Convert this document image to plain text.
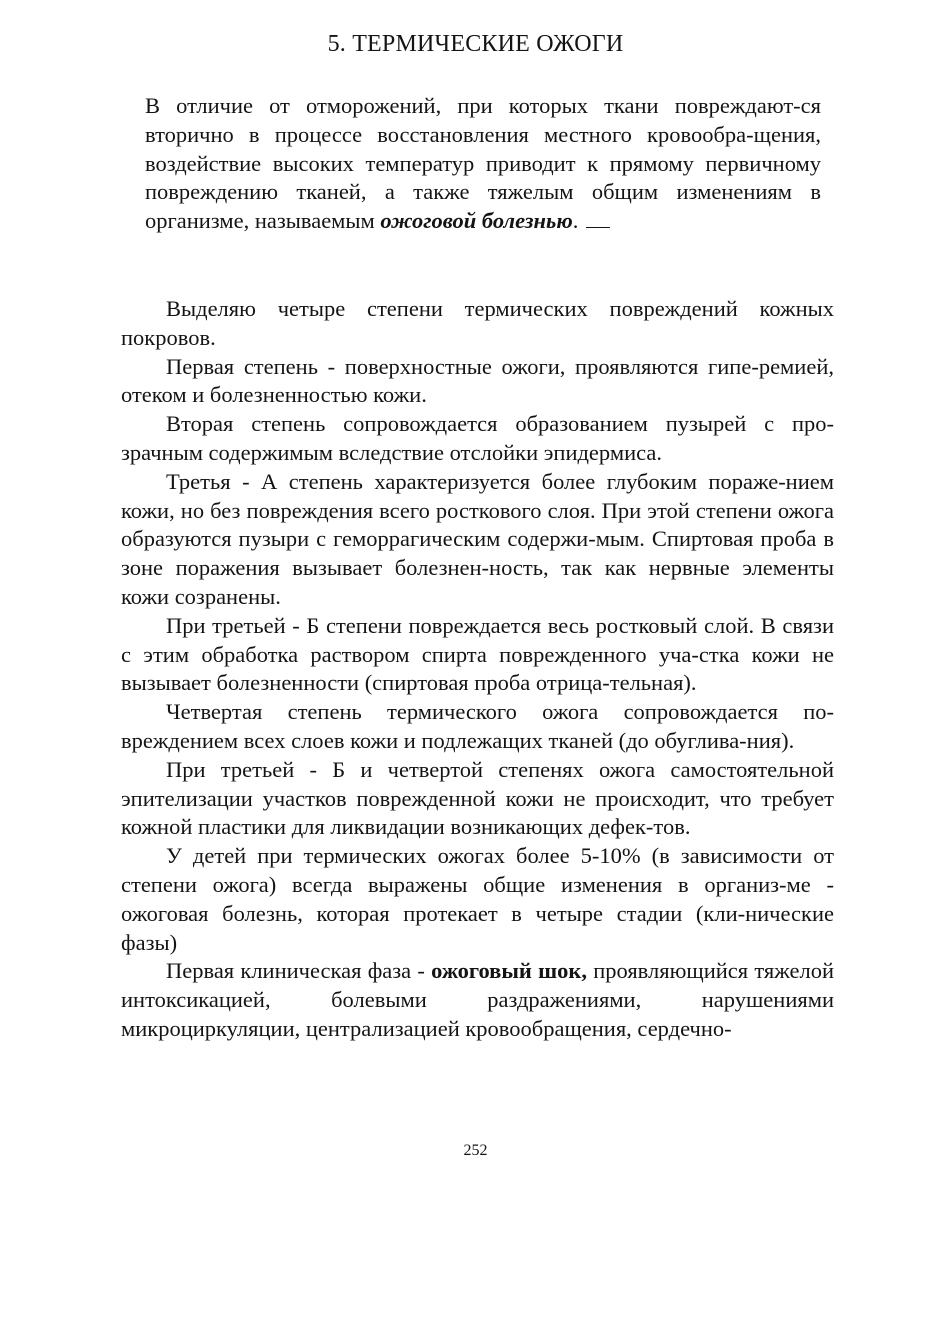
5. ТЕРМИЧЕСКИЕ ОЖОГИ
В отличие от отморожений, при которых ткани повреждают-ся вторично в процессе восстановления местного кровообра-щения, воздействие высоких температур приводит к прямому первичному повреждению тканей, а также тяжелым общим изменениям в организме, называемым ожоговой болезнью.

Выделяю четыре степени термических повреждений кожных покровов.

Первая степень - поверхностные ожоги, проявляются гипе-ремией, отеком и болезненностью кожи.

Вторая степень сопровождается образованием пузырей с про-зрачным содержимым вследствие отслойки эпидермиса.

Третья - А степень характеризуется более глубоким пораже-нием кожи, но без повреждения всего росткового слоя. При этой степени ожога образуются пузыри с геморрагическим содержи-мым. Спиртовая проба в зоне поражения вызывает болезнен-ность, так как нервные элементы кожи созранены.

При третьей - Б степени повреждается весь ростковый слой. В связи с этим обработка раствором спирта поврежденного уча-стка кожи не вызывает болезненности (спиртовая проба отрица-тельная).

Четвертая степень термического ожога сопровождается по-вреждением всех слоев кожи и подлежащих тканей (до обуглива-ния).

При третьей - Б и четвертой степенях ожога самостоятельной эпителизации участков поврежденной кожи не происходит, что требует кожной пластики для ликвидации возникающих дефек-тов.

У детей при термических ожогах более 5-10% (в зависимости от степени ожога) всегда выражены общие изменения в организ-ме - ожоговая болезнь, которая протекает в четыре стадии (кли-нические фазы)

Первая клиническая фаза - ожоговый шок, проявляющийся тяжелой интоксикацией, болевыми раздражениями, нарушениями микроциркуляции, централизацией кровообращения, сердечно-

252
